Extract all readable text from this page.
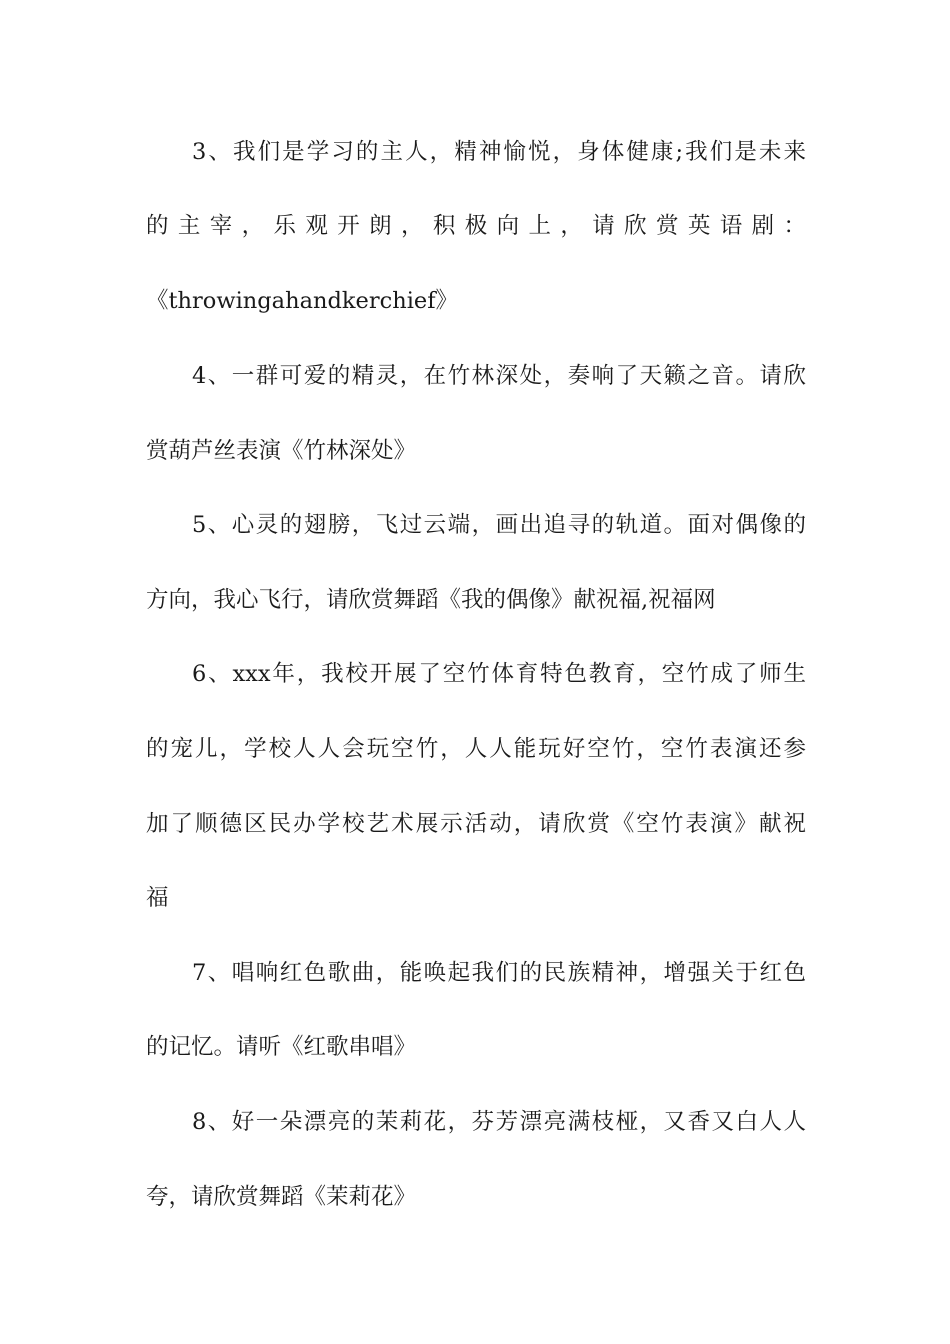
3、我们是学习的主人，精神愉悦，身体健康;我们是未来
的主宰，乐观开朗，积极向上，请欣赏英语剧：
《throwingahandkerchief》
4、一群可爱的精灵，在竹林深处，奏响了天籁之音。请欣
赏葫芦丝表演《竹林深处》
5、心灵的翅膀，飞过云端，画出追寻的轨道。面对偶像的
方向，我心飞行，请欣赏舞蹈《我的偶像》献祝福,祝福网
6、xxx年，我校开展了空竹体育特色教育，空竹成了师生
的宠儿，学校人人会玩空竹，人人能玩好空竹，空竹表演还参
加了顺德区民办学校艺术展示活动，请欣赏《空竹表演》献祝
福
7、唱响红色歌曲，能唤起我们的民族精神，增强关于红色
的记忆。请听《红歌串唱》
8、好一朵漂亮的茉莉花，芬芳漂亮满枝桠，又香又白人人
夸，请欣赏舞蹈《茉莉花》
